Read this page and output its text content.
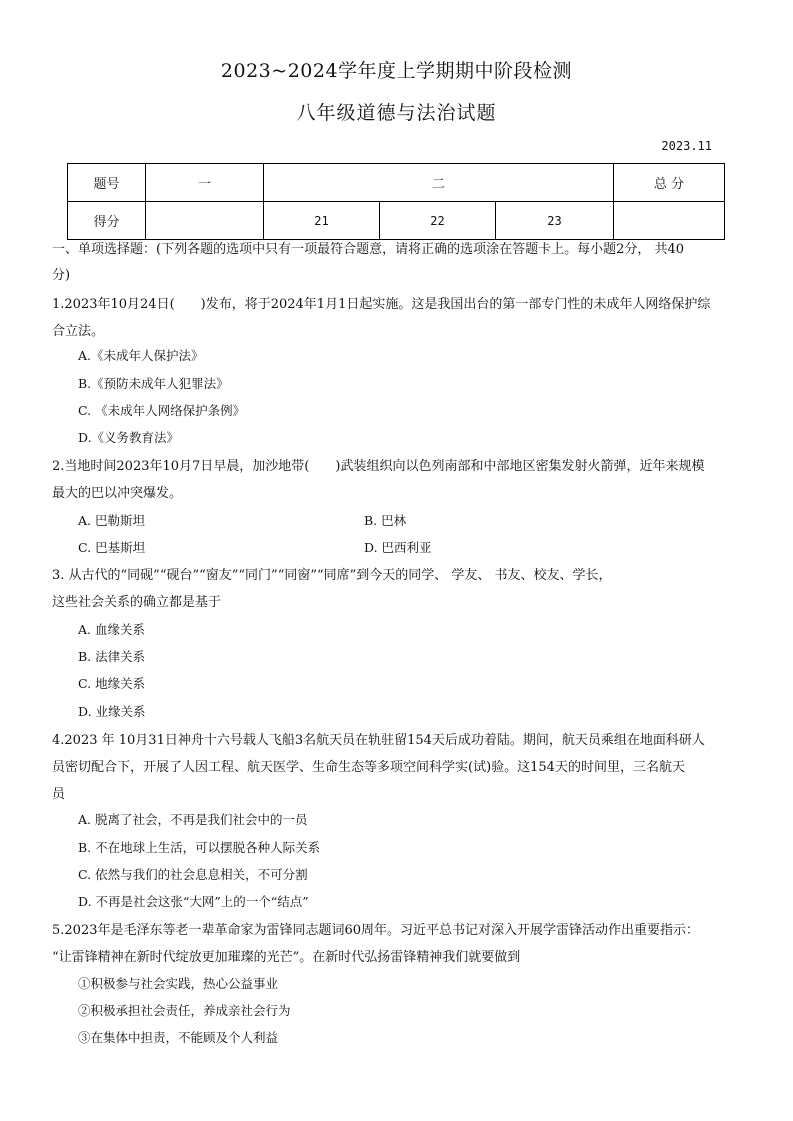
2023~2024学年度上学期期中阶段检测
八年级道德与法治试题
2023.11
题号	一	二			总 分
得分		21	22	23	
一、单项选择题：(下列各题的选项中只有一项最符合题意，请将正确的选项涂在答题卡上。每小题2分， 共40
分)
1.2023年10月24日(　　)发布，将于2024年1月1日起实施。这是我国出台的第一部专门性的未成年人网络保护综
合立法。
A.《未成年人保护法》
B.《预防未成年人犯罪法》
C. 《未成年人网络保护条例》
D.《义务教育法》
2.当地时间2023年10月7日早晨，加沙地带(　　)武装组织向以色列南部和中部地区密集发射火箭弹，近年来规模
最大的巴以冲突爆发。
A. 巴勒斯坦	B. 巴林
C. 巴基斯坦	D. 巴西利亚
3. 从古代的“同砚”“砚台”“窗友”“同门”“同窗”“同席”到今天的同学、 学友、 书友、校友、学长，
这些社会关系的确立都是基于
A. 血缘关系
B. 法律关系
C. 地缘关系
D. 业缘关系
4.2023 年 10月31日神舟十六号载人飞船3名航天员在轨驻留154天后成功着陆。期间，航天员乘组在地面科研人
员密切配合下，开展了人因工程、航天医学、生命生态等多项空间科学实(试)验。这154天的时间里，三名航天
员
A. 脱离了社会，不再是我们社会中的一员
B. 不在地球上生活，可以摆脱各种人际关系
C. 依然与我们的社会息息相关，不可分割
D. 不再是社会这张“大网”上的一个“结点”
5.2023年是毛泽东等老一辈革命家为雷锋同志题词60周年。习近平总书记对深入开展学雷锋活动作出重要指示：
“让雷锋精神在新时代绽放更加璀璨的光芒”。在新时代弘扬雷锋精神我们就要做到
①积极参与社会实践，热心公益事业
②积极承担社会责任，养成亲社会行为
③在集体中担责，不能顾及个人利益
